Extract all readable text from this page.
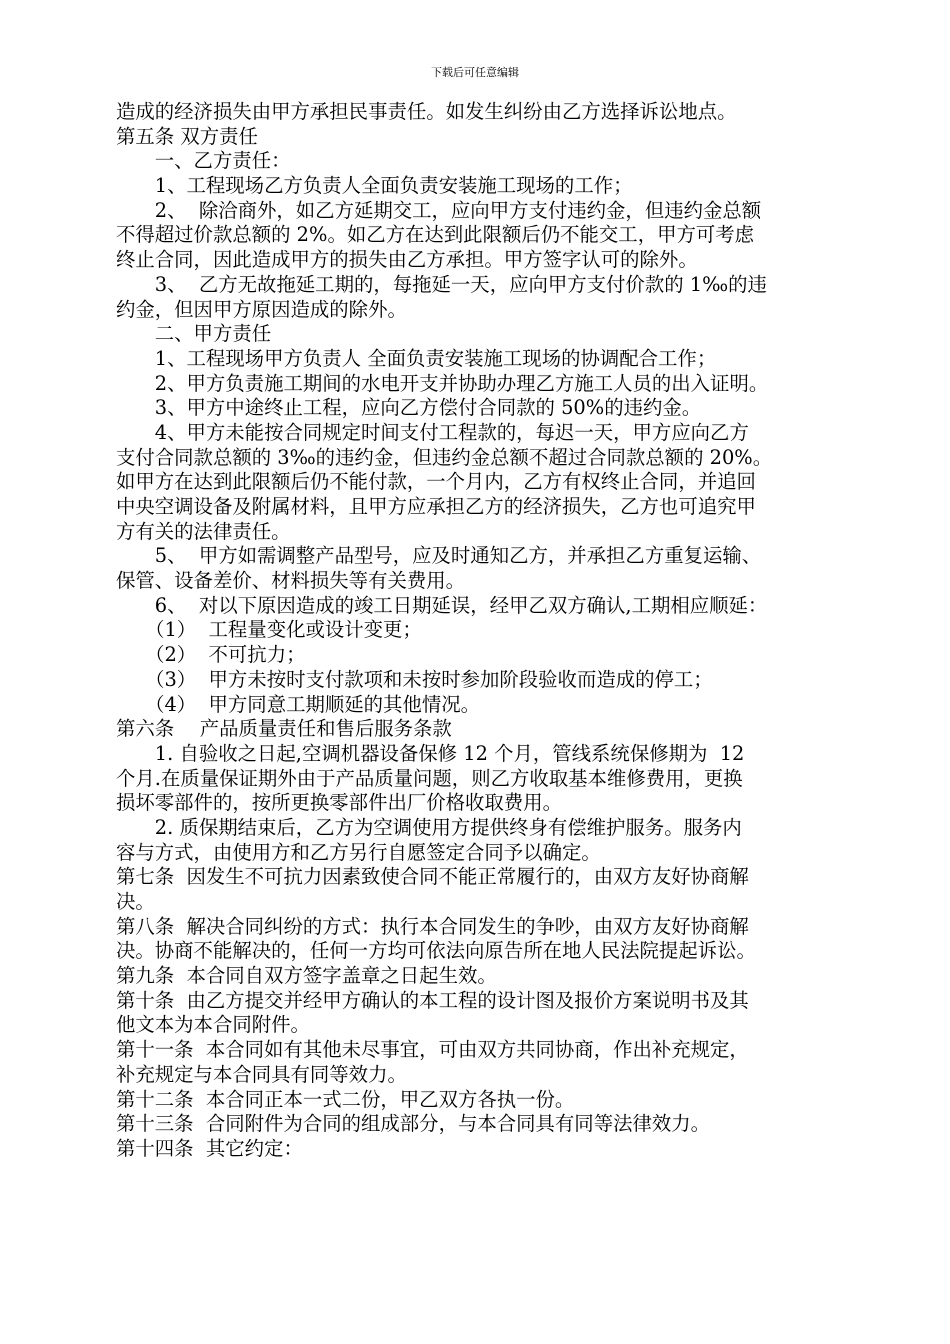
下载后可任意编辑
造成的经济损失由甲方承担民事责任。如发生纠纷由乙方选择诉讼地点。
第五条 双方责任
　　一、乙方责任：
　　1、工程现场乙方负责人全面负责安装施工现场的工作；
　　2、  除洽商外，如乙方延期交工，应向甲方支付违约金，但违约金总额
不得超过价款总额的 2%。如乙方在达到此限额后仍不能交工，甲方可考虑
终止合同，因此造成甲方的损失由乙方承担。甲方签字认可的除外。
　　3、  乙方无故拖延工期的，每拖延一天，应向甲方支付价款的 1‰的违
约金，但因甲方原因造成的除外。
　　二、甲方责任
　　1、工程现场甲方负责人 全面负责安装施工现场的协调配合工作；
　　2、甲方负责施工期间的水电开支并协助办理乙方施工人员的出入证明。
　　3、甲方中途终止工程，应向乙方偿付合同款的 50%的违约金。
　　4、甲方未能按合同规定时间支付工程款的，每迟一天，甲方应向乙方
支付合同款总额的 3‰的违约金，但违约金总额不超过合同款总额的 20%。
如甲方在达到此限额后仍不能付款，一个月内，乙方有权终止合同，并追回
中央空调设备及附属材料，且甲方应承担乙方的经济损失，乙方也可追究甲
方有关的法律责任。
　　5、  甲方如需调整产品型号，应及时通知乙方，并承担乙方重复运输、
保管、设备差价、材料损失等有关费用。
　　6、  对以下原因造成的竣工日期延误，经甲乙双方确认,工期相应顺延：
　　（1）  工程量变化或设计变更；
　　（2）  不可抗力；
　　（3）  甲方未按时支付款项和未按时参加阶段验收而造成的停工；
　　（4）  甲方同意工期顺延的其他情况。
第六条　 产品质量责任和售后服务条款
　　1. 自验收之日起,空调机器设备保修 12 个月，管线系统保修期为  12
个月.在质量保证期外由于产品质量问题，则乙方收取基本维修费用，更换
损坏零部件的，按所更换零部件出厂价格收取费用。
　　2. 质保期结束后，乙方为空调使用方提供终身有偿维护服务。服务内
容与方式，由使用方和乙方另行自愿签定合同予以确定。
第七条  因发生不可抗力因素致使合同不能正常履行的，由双方友好协商解
决。
第八条  解决合同纠纷的方式：执行本合同发生的争吵，由双方友好协商解
决。协商不能解决的，任何一方均可依法向原告所在地人民法院提起诉讼。
第九条  本合同自双方签字盖章之日起生效。
第十条  由乙方提交并经甲方确认的本工程的设计图及报价方案说明书及其
他文本为本合同附件。
第十一条  本合同如有其他未尽事宜，可由双方共同协商，作出补充规定，
补充规定与本合同具有同等效力。
第十二条  本合同正本一式二份，甲乙双方各执一份。
第十三条  合同附件为合同的组成部分，与本合同具有同等法律效力。
第十四条  其它约定：
